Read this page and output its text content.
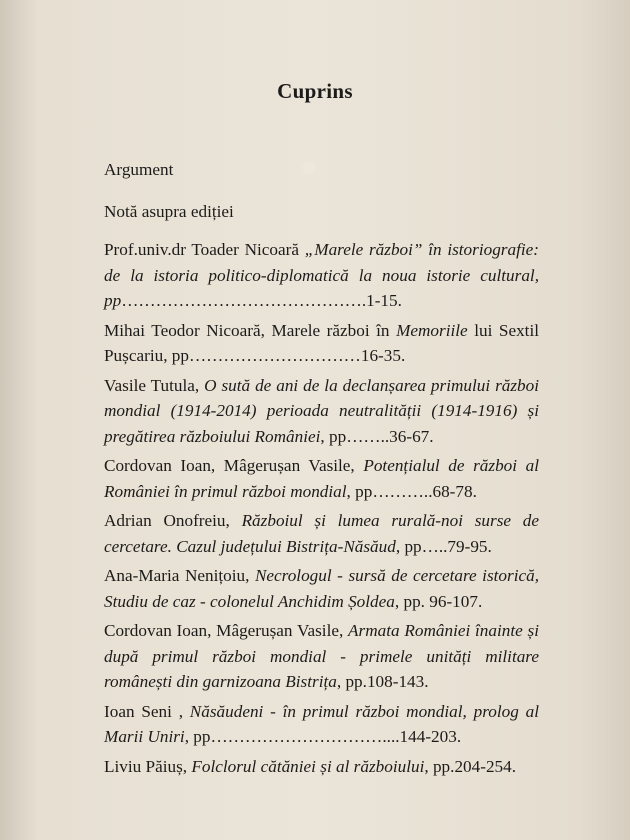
●
Cuprins
Argument
Notă asupra ediției

Prof.univ.dr Toader Nicoară „Marele război” în istoriografie: de la istoria politico-diplomatică la noua istorie cultural, pp…………………………………….1-15.

Mihai Teodor Nicoară, Marele război în Memoriile lui Sextil Pușcariu, pp…………………………16-35.

Vasile Tutula, O sută de ani de la declanșarea primului război mondial (1914-2014) perioada neutralității (1914-1916) și pregătirea războiului României, pp……..36-67.

Cordovan Ioan, Mâgerușan Vasile, Potențialul de război al României în primul război mondial, pp………..68-78.

Adrian Onofreiu, Războiul și lumea rurală-noi surse de cercetare. Cazul județului Bistrița-Năsăud, pp…..79-95.

Ana-Maria Nenițoiu, Necrologul - sursă de cercetare istorică, Studiu de caz - colonelul Anchidim Șoldea, pp. 96-107.

Cordovan Ioan, Mâgerușan Vasile, Armata României înainte și după primul război mondial - primele unități militare românești din garnizoana Bistrița, pp.108-143.

Ioan Seni , Năsăudeni - în primul război mondial, prolog al Marii Uniri, pp…………………………....144-203.

Liviu Păiuș, Folclorul cătăniei și al războiului, pp.204-254.
